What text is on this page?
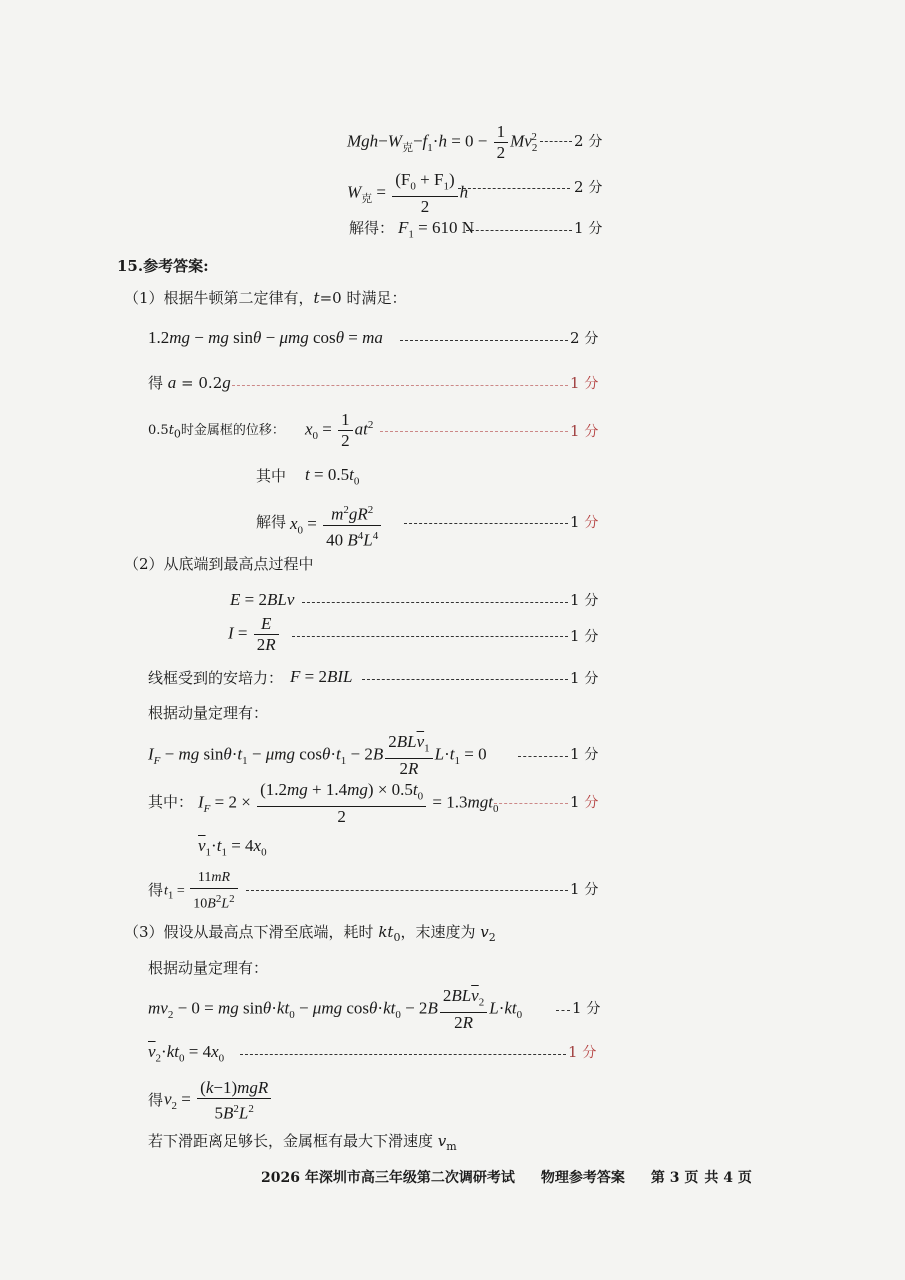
$Mgh-W_克-f_1\cdot h = 0 - \frac{1}{2} Mv_2^2$ 2 分
$W_克 = \frac{(F_0 + F_1)}{2}$ h	2 分
解得： $F_1 = 610$ N	1 分
15.参考答案:
（1）根据牛顿第二定律有，t=0 时满足：
1.2mg − mg sinθ − μmg cosθ = ma	2 分
得 a = 0.2g	1 分
$0.5t_0$时金属框的位移： $x_0 = \frac{1}{2} at^2$	1 分
其中 $t = 0.5t_0$
解得 $x_0 = \frac{m^2gR^2}{40 B^4L^4}$	1 分
（2）从底端到最高点过程中
E = 2BLv	1 分
$I = \frac{E}{2R}$	1 分
线框受到的安培力： F = 2BIL	1 分
根据动量定理有：
$I_F$ − mg $\sin\theta\cdot t_1 - \mu mg$ $\cos\theta\cdot t_1 - 2B \frac{2BL\overline{v}_1}{2R} L\cdot t_1 = 0$	1 分
其中： $I_F = 2 \times \frac{(1.2mg + 1.4mg) \times 0.5t_0}{2} = 1.3mgt_0$	1 分
$\overline{v}_1\cdot t_1 = 4x_0$
得 $t_1 = \frac{11mR}{10B^2L^2}$	1 分
（3）假设从最高点下滑至底端，耗时 $kt_0$，末速度为 $v_2$
根据动量定理有：
$mv_2 - 0$ = mg $\sin\theta\cdot kt_0 - \mu mg$ $\cos\theta\cdot kt_0 - 2B \frac{2BL\overline{v}_2}{2R} L\cdot kt_0$	1 分
$\overline{v}_2\cdot kt_0 = 4x_0$	1 分
得 $v_2 = \frac{\text{(k−1)mgR}}{5B^2L^2}$
若下滑距离足够长，金属框有最大下滑速度 $v_m$
2026 年深圳市高三年级第二次调研考试 物理参考答案 第 3 页 共 4 页
